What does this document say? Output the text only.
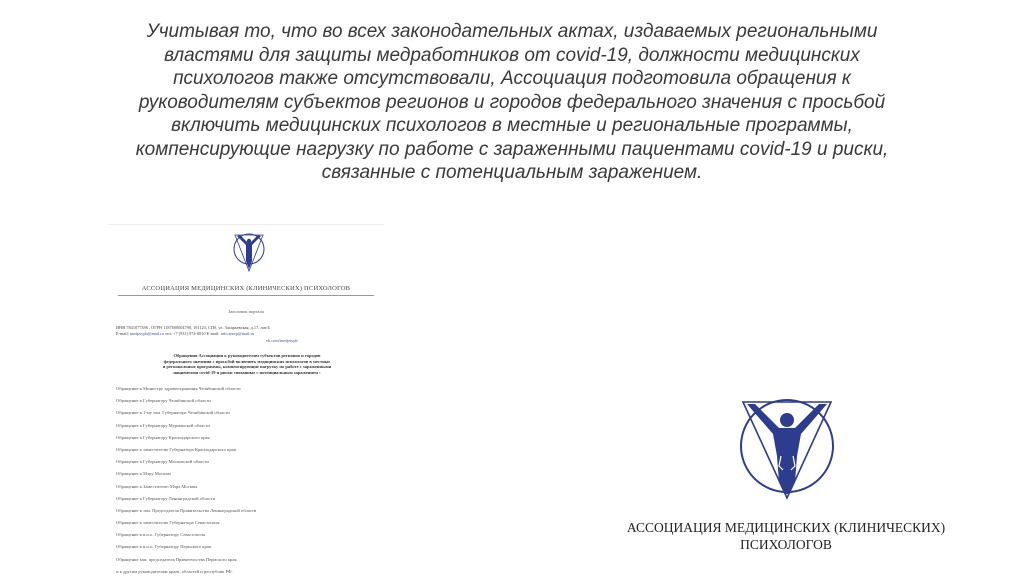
Учитывая то, что во всех законодательных актах, издаваемых региональными
властями для защиты медработников от covid-19, должности медицинских
психологов также отсутствовали, Ассоциация подготовила обращения к
руководителям субъектов регионов и городов федерального значения с просьбой
включить медицинских психологов в местные и региональные программы,
компенсирующие нагрузку по работе с зараженными пациентами covid-19 и риски,
связанные с потенциальным заражением.
АССОЦИАЦИЯ МЕДИЦИНСКИХ (КЛИНИЧЕСКИХ) ПСИХОЛОГОВ
Заголовок портала
ИНН 7841077396 , ОГРН 1187800004798, 191123, СПб, ул. Захарьевская, д.17, лит.Б
E-mail: medpsypb@mail.ru тел. +7 (931) 974-0810 E-mail: info.amcp@mail.ru
vk.com/medpsypb
Обращения Ассоциации к руководителям субъектов регионов и городов
федерального значения с просьбой включить медицинских психологов в местные
и региональные программы, компенсирующие нагрузку по работе с зараженными
пациентами covid-19 и риски связанные с потенциальным заражением :
Обращение к Министру здравоохранения Челябинской области
Обращение к Губернатору Челябинской области
Обращение к 1-му зам. Губернатора Челябинской области
Обращение к Губернатору Мурманской области
Обращение к Губернатору Краснодарского края
Обращение к заместителю Губернатора Краснодарского края
Обращение к Губернатору Московской области
Обращение к Мэру Москвы
Обращение к Заместителю Мэра Москвы
Обращение к Губернатору Ленинградской области
Обращение к зам. Председателя Правительства Ленинградской области
Обращение к заместителю Губернатора Севастополя
Обращение к в.и.о. Губернатору Севастополя
Обращение к в.и.о. Губернатору Пермского края
Обращение зам. председателя Правительства Пермского края
и к другим руководителям краев, областей и республик РФ.
АССОЦИАЦИЯ МЕДИЦИНСКИХ (КЛИНИЧЕСКИХ)
ПСИХОЛОГОВ
